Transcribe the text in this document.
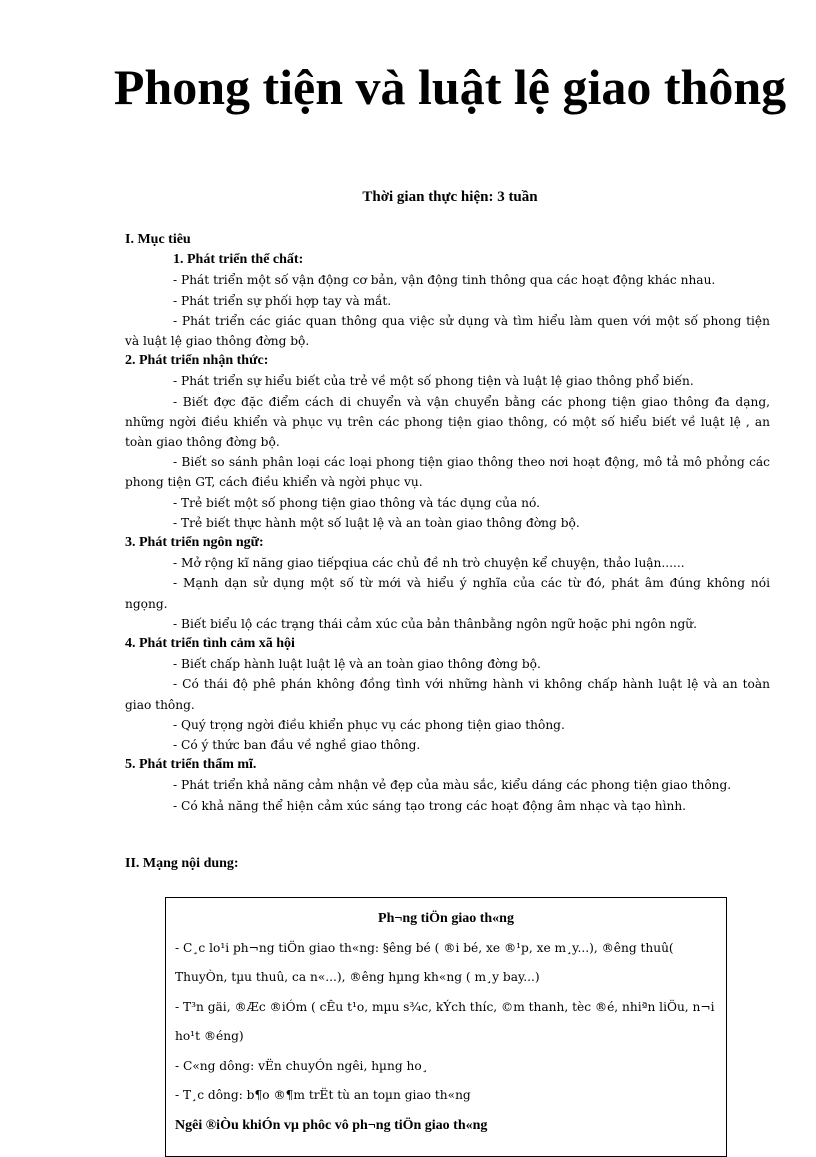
Phong tiện và luật lệ giao thông

Thời gian thực hiện: 3 tuần

I. Mục tiêu

1. Phát triển thể chất:

- Phát triển một số vận động cơ bản, vận động tinh thông qua các hoạt động khác nhau.

- Phát triển sự phối hợp tay và mắt.

- Phát triển các giác quan thông qua việc sử dụng và tìm hiểu làm quen với một số phong tiện và luật lệ giao thông đờng bộ.

2. Phát triển nhận thức:

- Phát triển sự hiểu biết của trẻ về một số phong tiện và luật lệ giao thông phổ biến.

- Biết đợc đặc điểm cách di chuyển và vận chuyển bằng các phong tiện giao thông đa dạng, những ngời điều khiển và phục vụ trên các phong tiện giao thông, có một số hiểu biết về luật lệ , an toàn giao thông đờng bộ.

- Biết so sánh phân loại các loại phong tiện giao thông theo nơi hoạt động, mô tả mô phỏng các phong tiện GT, cách điều khiển và ngời phục vụ.

- Trẻ biết một số phong tiện giao thông và tác dụng của nó.

- Trẻ biết thực hành một số luật lệ và an toàn giao thông đờng bộ.

3. Phát triển ngôn ngữ:

- Mở rộng kĩ năng giao tiếpqiua các chủ đề nh trò chuyện kể chuyện, thảo luận......

- Mạnh dạn sử dụng một số từ mới và hiểu ý nghĩa của các từ đó, phát âm đúng không nói ngọng.

- Biết biểu lộ các trạng thái cảm xúc của bản thânbằng ngôn ngữ hoặc phi ngôn ngữ.

4. Phát triển tình cảm xã hội

- Biết chấp hành luật luật lệ và an toàn giao thông đờng bộ.

- Có thái độ phê phán không đồng tình với những hành vi không chấp hành luật lệ và an toàn giao thông.

- Quý trọng ngời điều khiển phục vụ các phong tiện giao thông.

- Có ý thức ban đầu về nghề giao thông.

5. Phát triển thẩm mĩ.

- Phát triển khả năng cảm nhận vẻ đẹp của màu sắc, kiểu dáng các phong tiện giao thông.

- Có khả năng thể hiện cảm xúc sáng tạo trong các hoạt động âm nhạc và tạo hình.

II. Mạng nội dung:

Ph¬ng tiÖn giao th«ng

- C¸c lo¹i ph¬ng tiÖn giao th«ng: §êng bé ( ®i bé, xe ®¹p, xe m¸y...), ®êng thuû( ThuyÒn, tµu thuû, ca n«...), ®êng hµng kh«ng ( m¸y bay...)

- T³n gäi, ®Æc ®iÓm ( cÊu t¹o, mµu s¾c, kÝch thíc, ©m thanh, tèc ®é, nhiªn liÖu, n¬i ho¹t ®éng)

- C«ng dông: vËn chuyÓn ngêi, hµng ho¸

- T¸c dông: b¶o ®¶m trËt tù an toµn giao th«ng

Ngêi ®iÒu khiÓn vµ phôc vô ph¬ng tiÖn giao th«ng
